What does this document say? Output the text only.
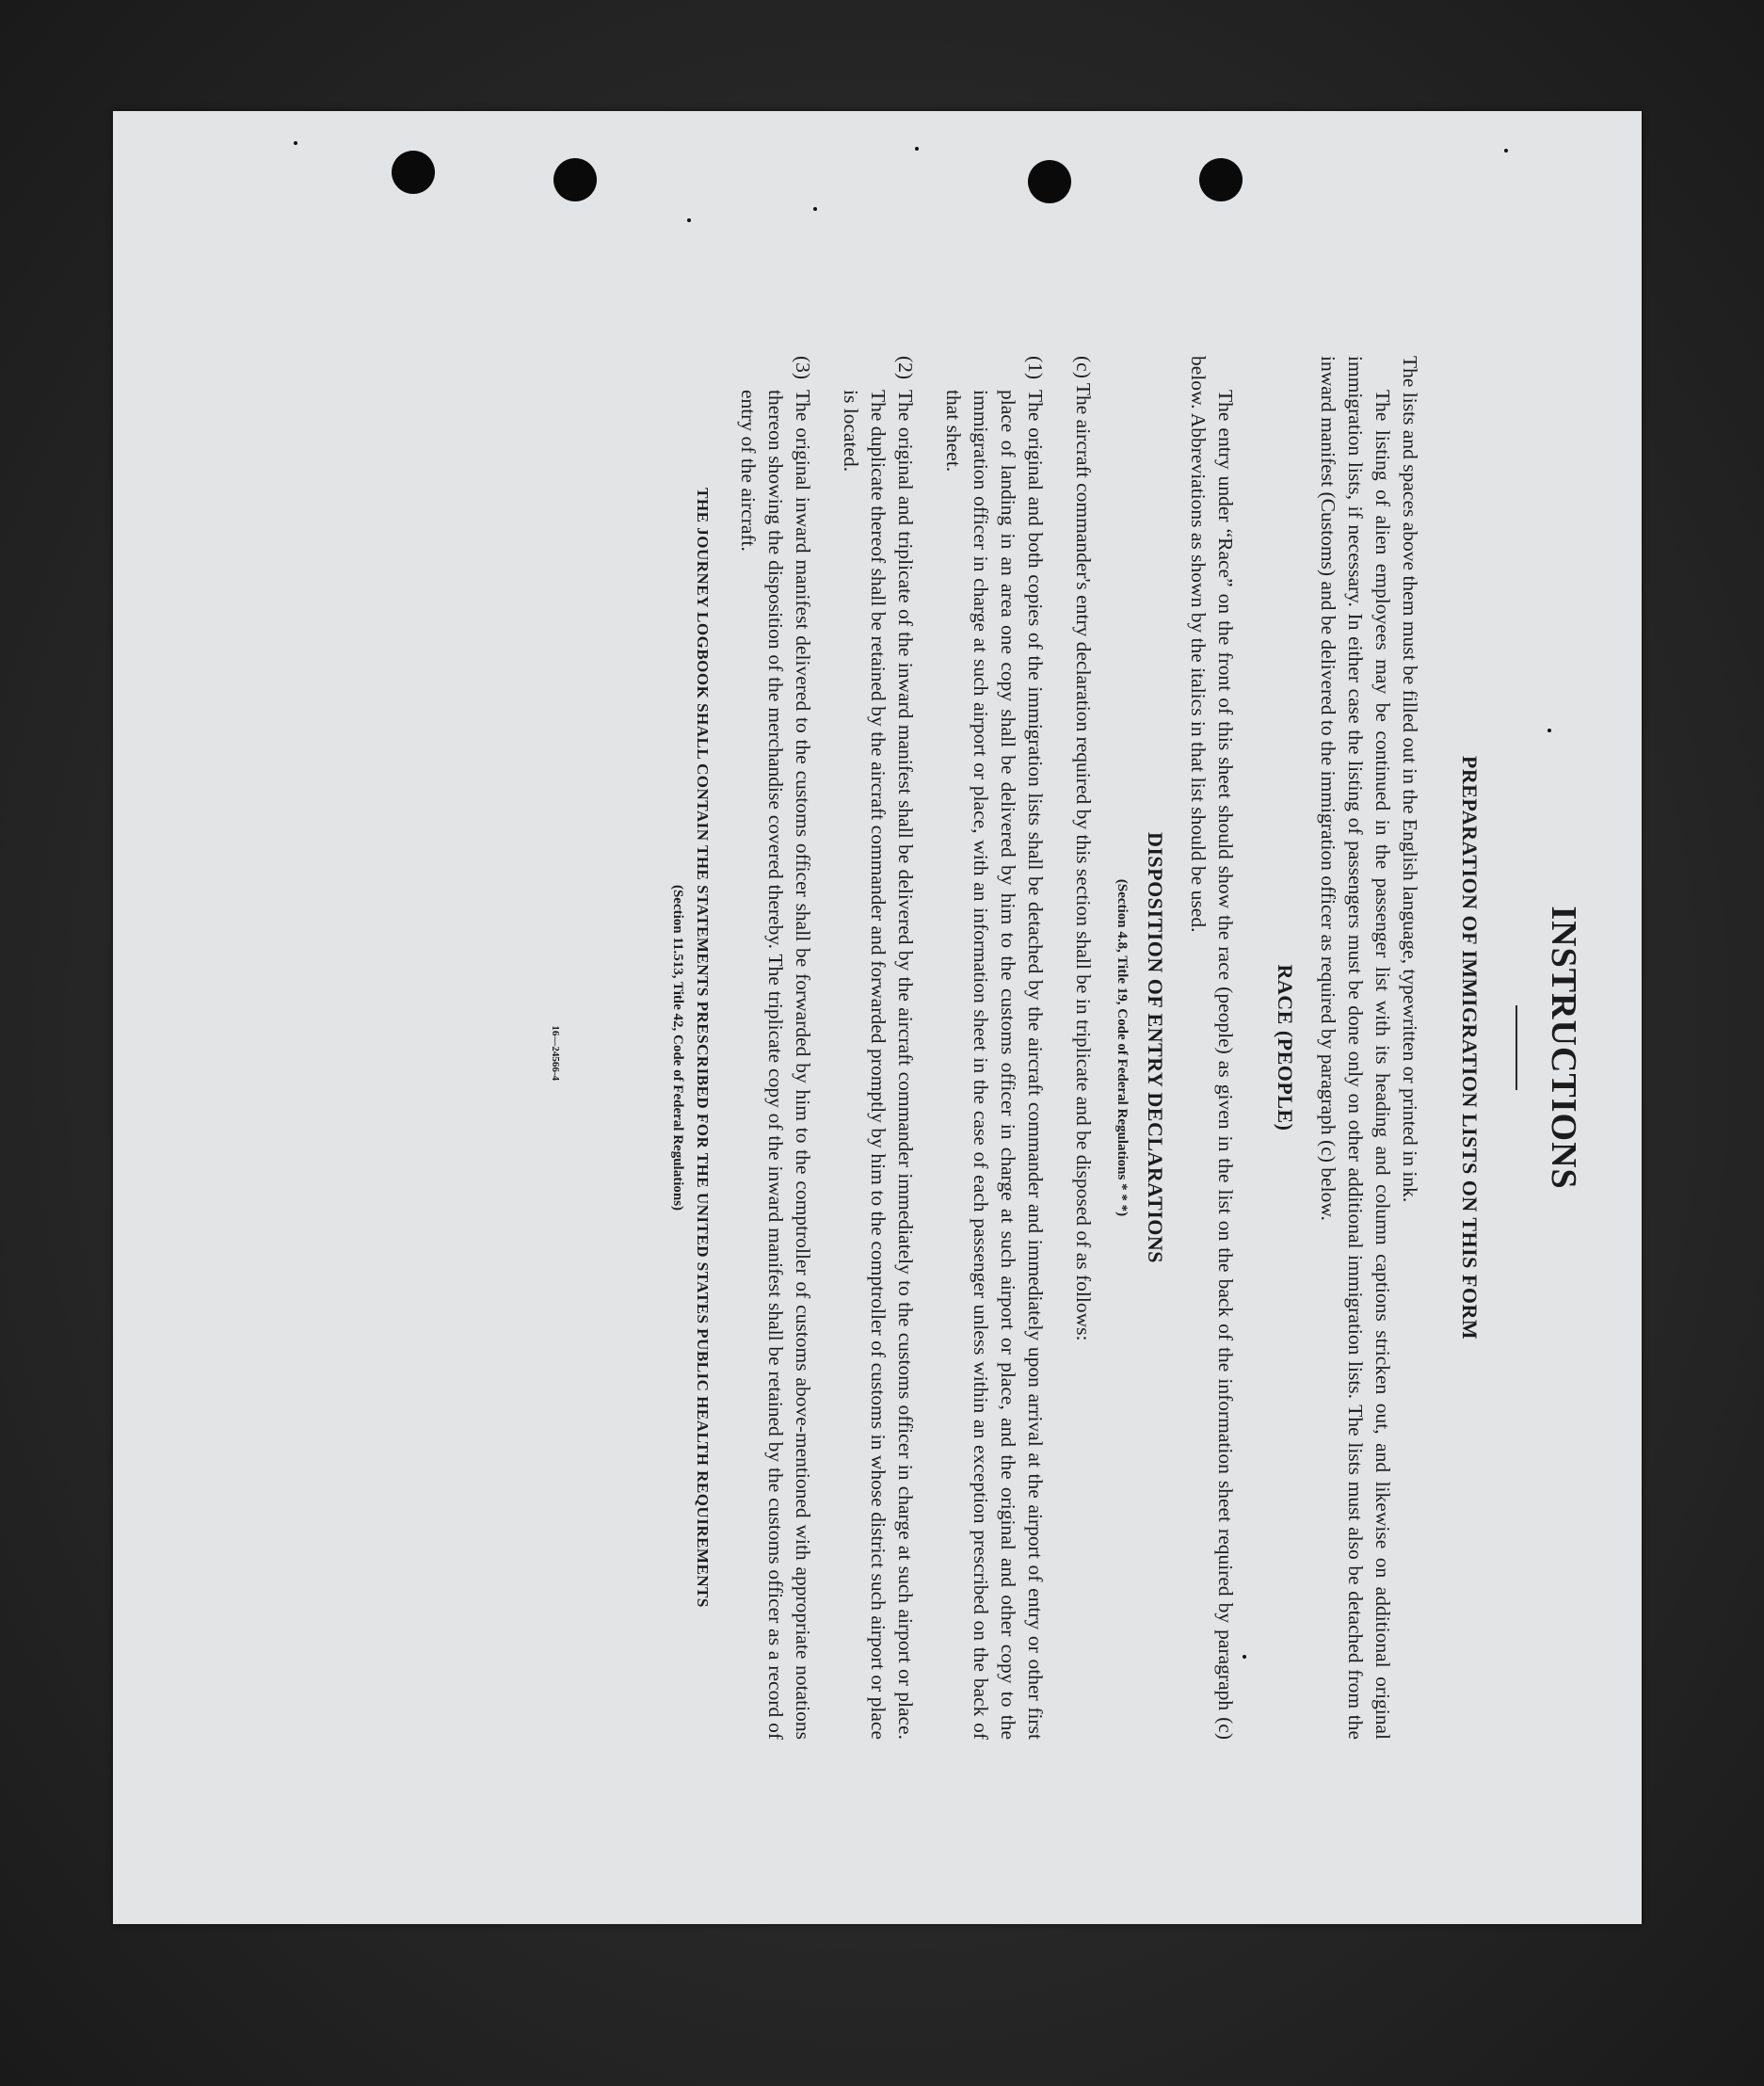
INSTRUCTIONS
PREPARATION OF IMMIGRATION LISTS ON THIS FORM

The lists and spaces above them must be filled out in the English language, typewritten or printed in ink.

The listing of alien employees may be continued in the passenger list with its heading and column captions stricken out, and likewise on additional original immigration lists, if necessary. In either case the listing of passengers must be done only on other additional immigration lists. The lists must also be detached from the inward manifest (Customs) and be delivered to the immigration officer as required by paragraph (c) below.

RACE (PEOPLE)

The entry under “Race” on the front of this sheet should show the race (people) as given in the list on the back of the information sheet required by paragraph (c) below. Abbreviations as shown by the italics in that list should be used.

DISPOSITION OF ENTRY DECLARATIONS
(Section 4.8, Title 19, Code of Federal Regulations * * *)

(c) The aircraft commander's entry declaration required by this section shall be in triplicate and be disposed of as follows:

(1)
The original and both copies of the immigration lists shall be detached by the aircraft commander and immediately upon arrival at the airport of entry or other first place of landing in an area one copy shall be delivered by him to the customs officer in charge at such airport or place, and the original and other copy to the immigration officer in charge at such airport or place, with an information sheet in the case of each passenger unless within an exception prescribed on the back of that sheet.
(2)
The original and triplicate of the inward manifest shall be delivered by the aircraft commander immediately to the customs officer in charge at such airport or place. The duplicate thereof shall be retained by the aircraft commander and forwarded promptly by him to the comptroller of customs in whose district such airport or place is located.
(3)
The original inward manifest delivered to the customs officer shall be forwarded by him to the comptroller of customs above-mentioned with appropriate notations thereon showing the disposition of the merchandise covered thereby. The triplicate copy of the inward manifest shall be retained by the customs officer as a record of entry of the aircraft.
THE JOURNEY LOGBOOK SHALL CONTAIN THE STATEMENTS PRESCRIBED FOR THE UNITED STATES PUBLIC HEALTH REQUIREMENTS
(Section 11.513, Title 42, Code of Federal Regulations)
16—24566-4
